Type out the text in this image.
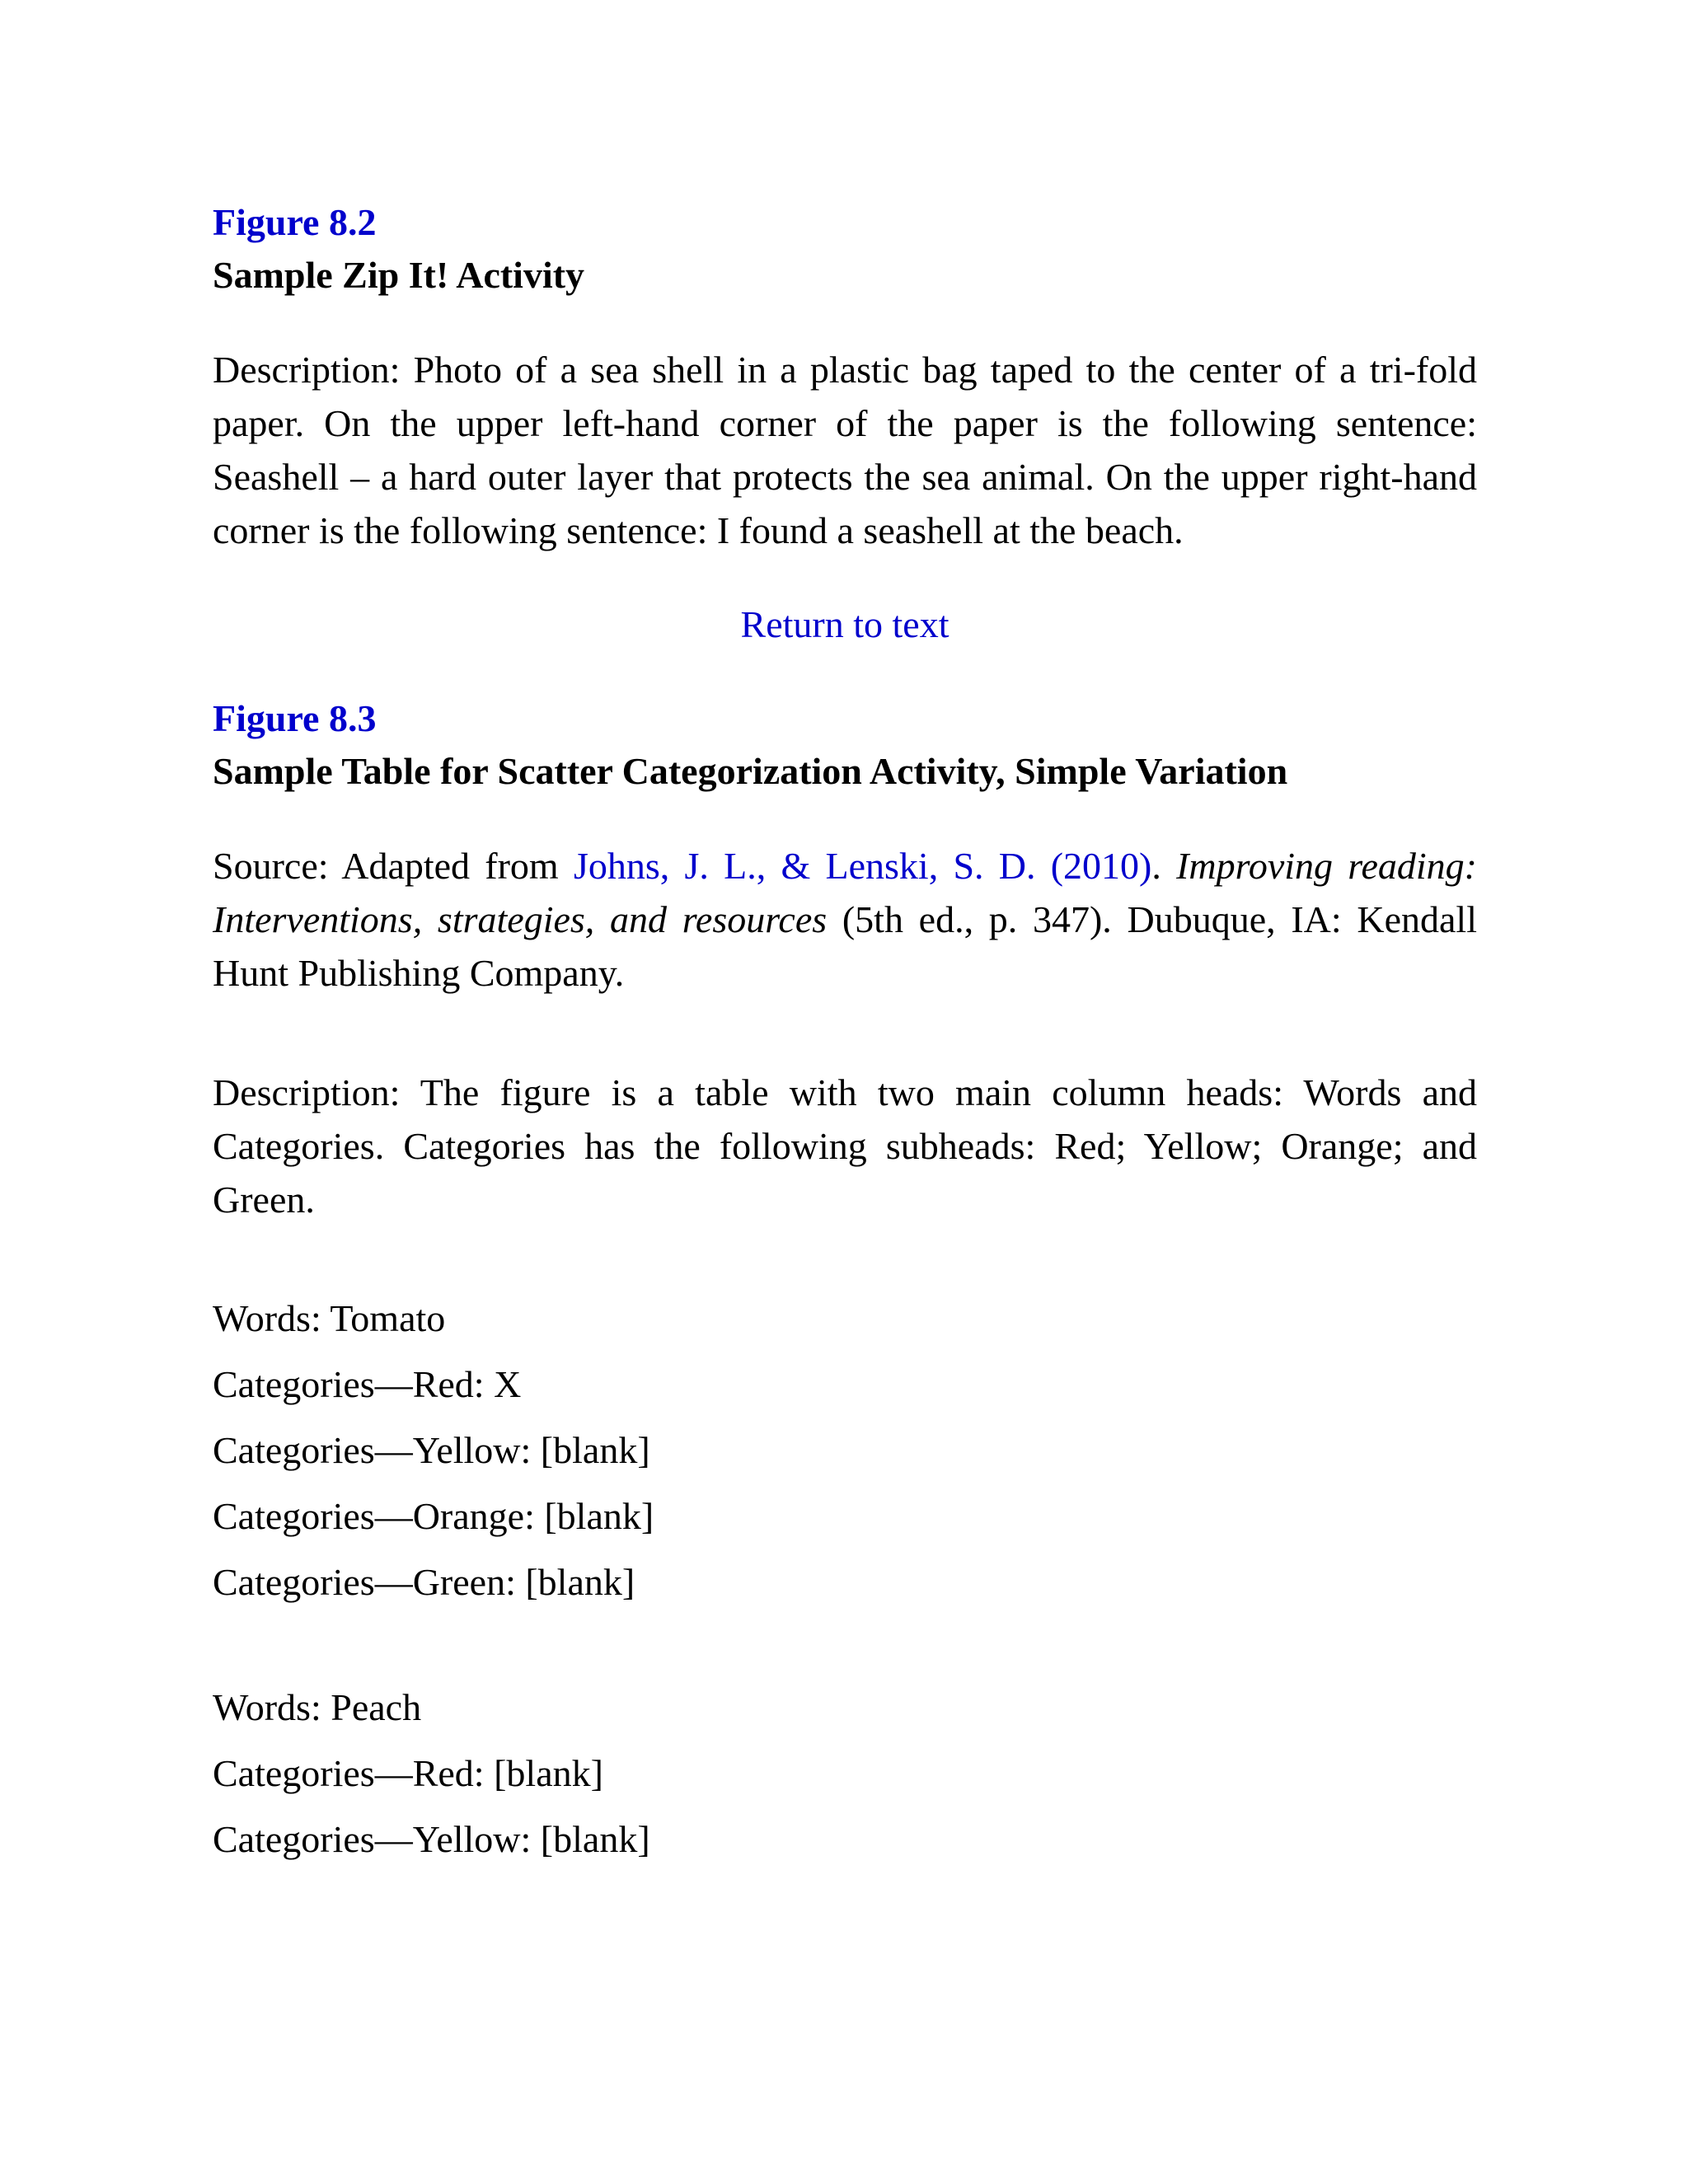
Figure 8.2

Sample Zip It! Activity

Description: Photo of a sea shell in a plastic bag taped to the center of a tri-fold paper. On the upper left-hand corner of the paper is the following sentence: Seashell – a hard outer layer that protects the sea animal. On the upper right-hand corner is the following sentence: I found a seashell at the beach.

Return to text

Figure 8.3

Sample Table for Scatter Categorization Activity, Simple Variation

Source: Adapted from Johns, J. L., & Lenski, S. D. (2010). Improving reading: Interventions, strategies, and resources (5th ed., p. 347). Dubuque, IA: Kendall Hunt Publishing Company.

Description: The figure is a table with two main column heads: Words and Categories. Categories has the following subheads: Red; Yellow; Orange; and Green.

Words: Tomato

Categories—Red: X

Categories—Yellow: [blank]

Categories—Orange: [blank]

Categories—Green: [blank]

Words: Peach

Categories—Red: [blank]

Categories—Yellow: [blank]
